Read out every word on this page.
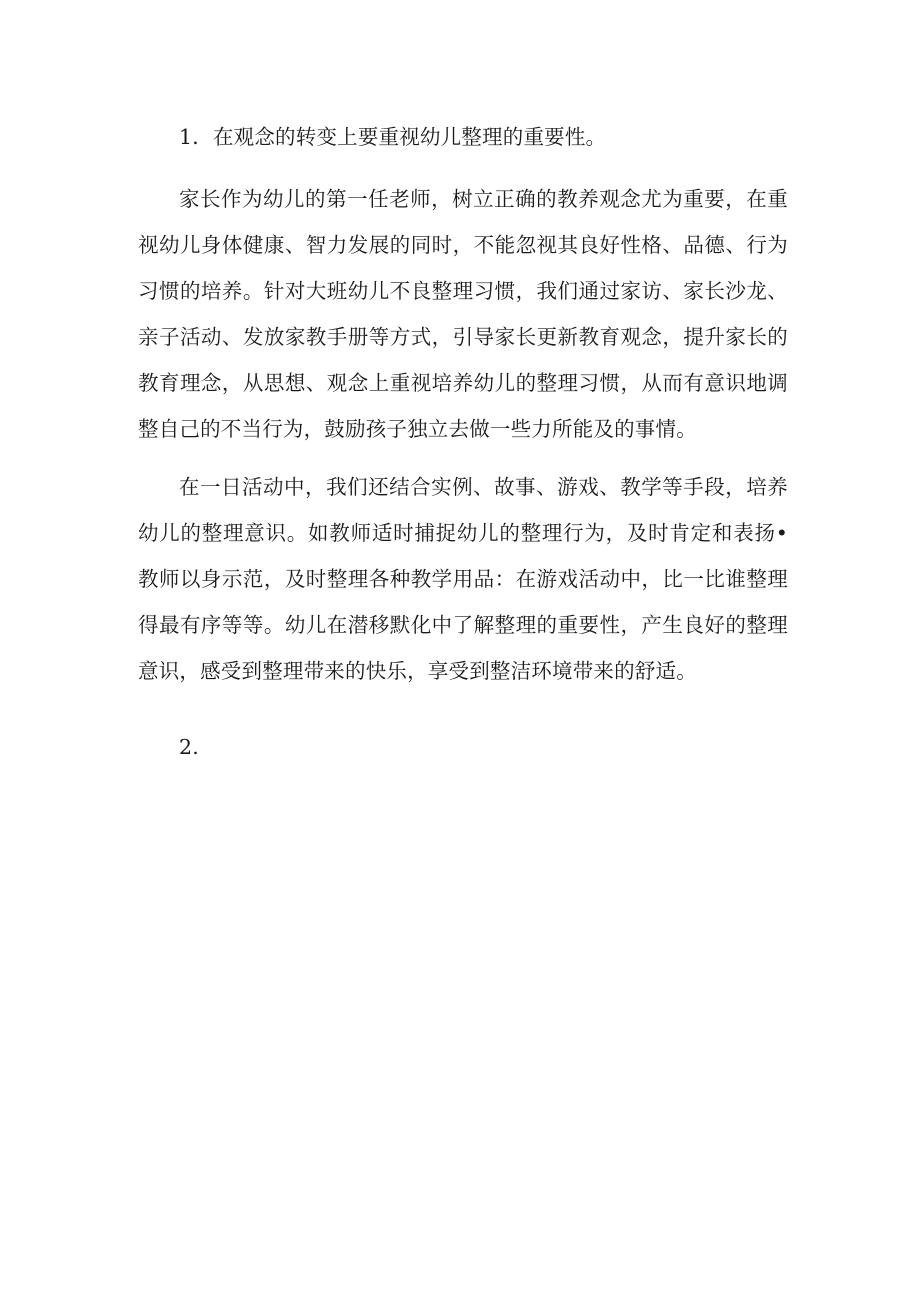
1．在观念的转变上要重视幼儿整理的重要性。

家长作为幼儿的第一任老师，树立正确的教养观念尤为重要，在重视幼儿身体健康、智力发展的同时，不能忽视其良好性格、品德、行为习惯的培养。针对大班幼儿不良整理习惯，我们通过家访、家长沙龙、亲子活动、发放家教手册等方式，引导家长更新教育观念，提升家长的教育理念，从思想、观念上重视培养幼儿的整理习惯，从而有意识地调整自己的不当行为，鼓励孩子独立去做一些力所能及的事情。

在一日活动中，我们还结合实例、故事、游戏、教学等手段，培养幼儿的整理意识。如教师适时捕捉幼儿的整理行为，及时肯定和表扬•教师以身示范，及时整理各种教学用品：在游戏活动中，比一比谁整理得最有序等等。幼儿在潜移默化中了解整理的重要性，产生良好的整理意识，感受到整理带来的快乐，享受到整洁环境带来的舒适。

2.
